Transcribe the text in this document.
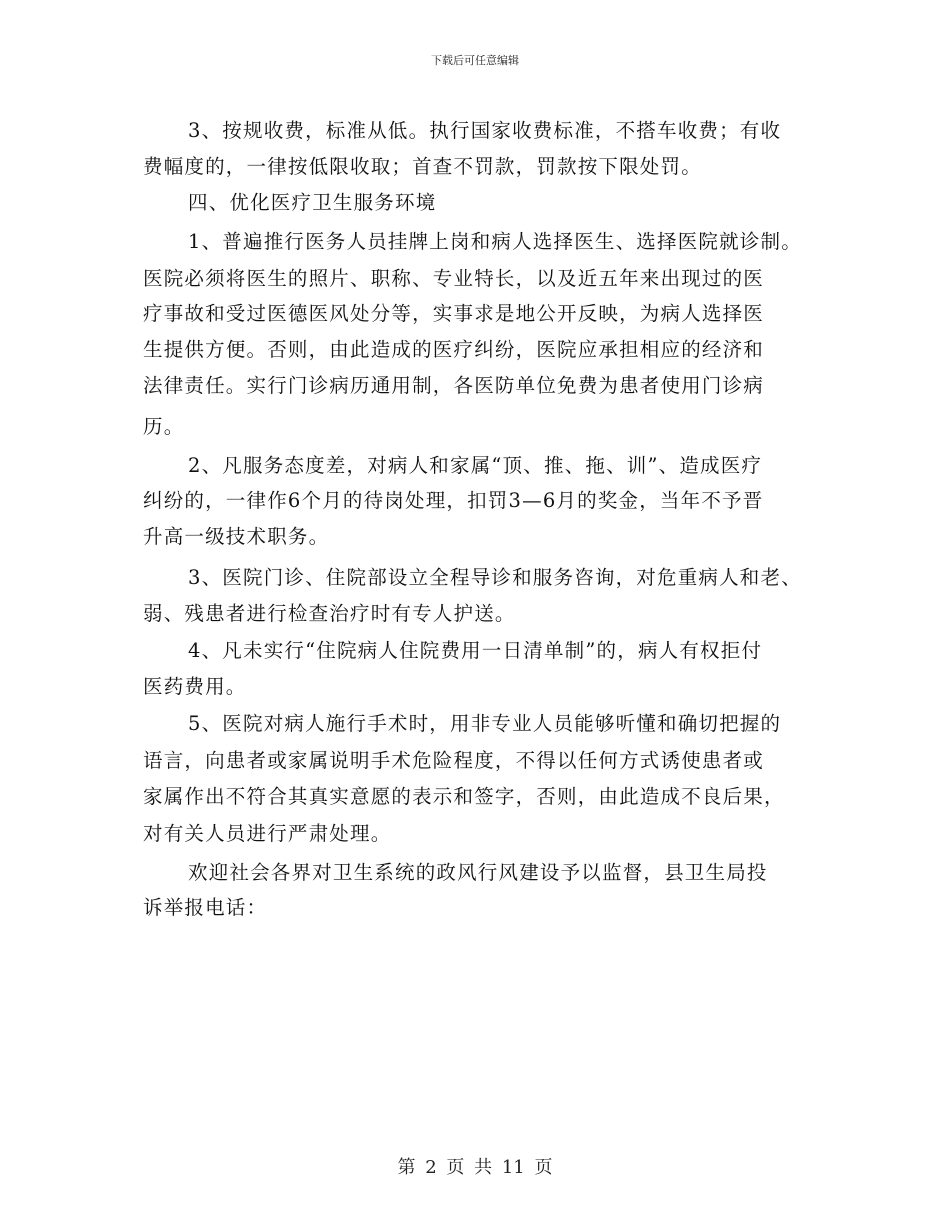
下载后可任意编辑
3、按规收费，标准从低。执行国家收费标准，不搭车收费；有收
费幅度的，一律按低限收取；首查不罚款，罚款按下限处罚。
四、优化医疗卫生服务环境
1、普遍推行医务人员挂牌上岗和病人选择医生、选择医院就诊制。
医院必须将医生的照片、职称、专业特长，以及近五年来出现过的医
疗事故和受过医德医风处分等，实事求是地公开反映，为病人选择医
生提供方便。否则，由此造成的医疗纠纷，医院应承担相应的经济和
法律责任。实行门诊病历通用制，各医防单位免费为患者使用门诊病
历。
2、凡服务态度差，对病人和家属“顶、推、拖、训”、造成医疗
纠纷的，一律作6个月的待岗处理，扣罚3—6月的奖金，当年不予晋
升高一级技术职务。
3、医院门诊、住院部设立全程导诊和服务咨询，对危重病人和老、
弱、残患者进行检查治疗时有专人护送。
4、凡未实行“住院病人住院费用一日清单制”的，病人有权拒付
医药费用。
5、医院对病人施行手术时，用非专业人员能够听懂和确切把握的
语言，向患者或家属说明手术危险程度，不得以任何方式诱使患者或
家属作出不符合其真实意愿的表示和签字，否则，由此造成不良后果，
对有关人员进行严肃处理。
欢迎社会各界对卫生系统的政风行风建设予以监督，县卫生局投
诉举报电话：
第 2 页 共 11 页
